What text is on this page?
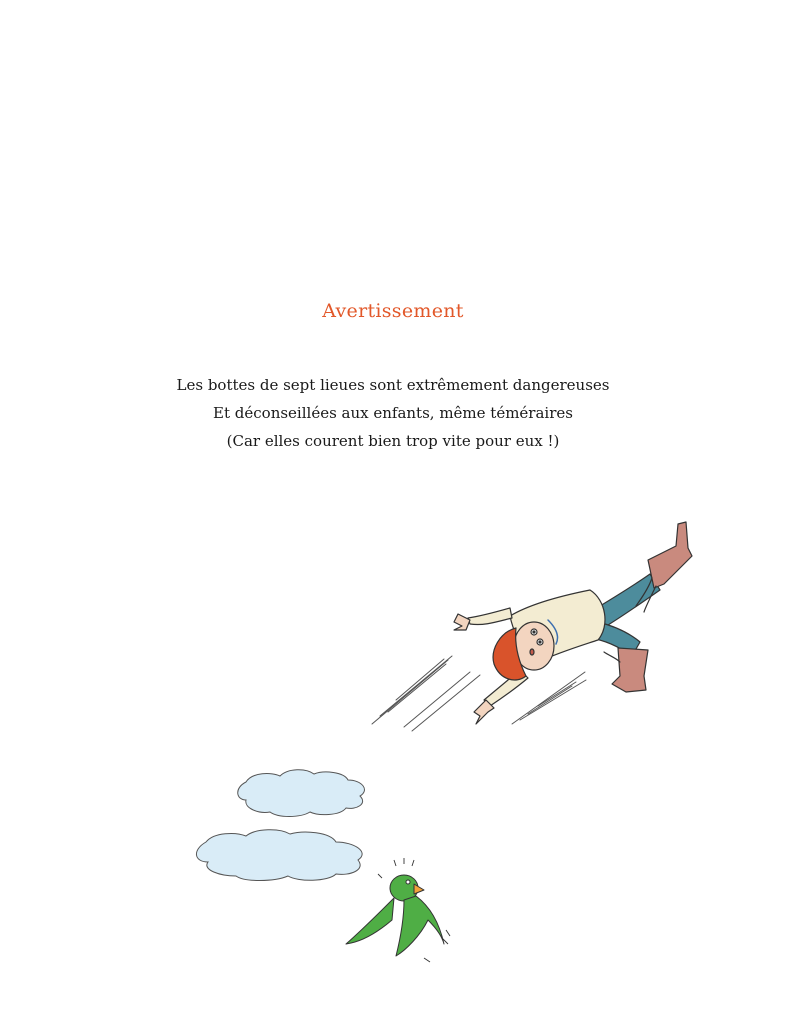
Avertissement
Les bottes de sept lieues sont extrêmement dangereuses
Et déconseillées aux enfants, même téméraires
(Car elles courent bien trop vite pour eux !)
